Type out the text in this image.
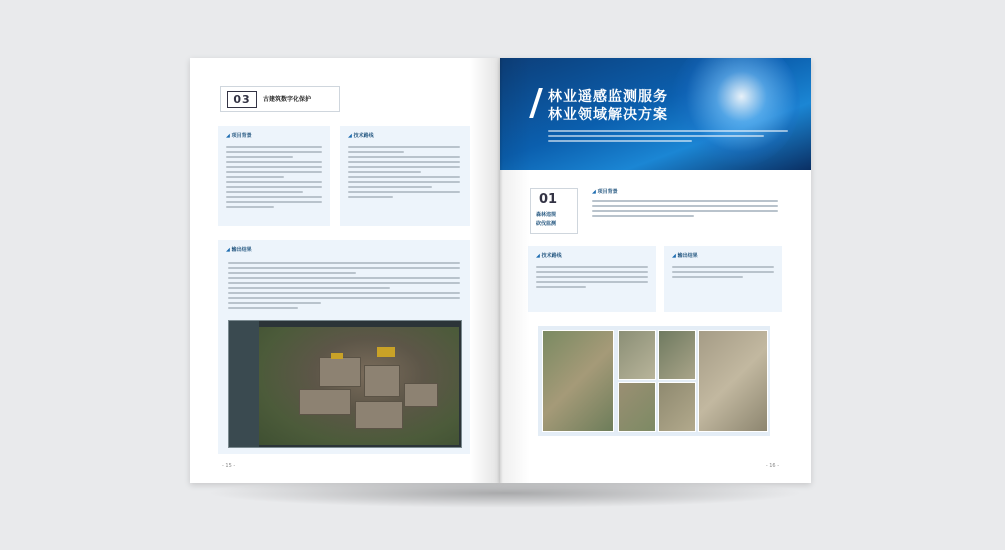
03	古建筑数字化保护
◢ 项目背景	◢ 技术路线
◢ 输出结果
- 15 -
林业遥感监测服务
林业领域解决方案
01
森林违规
砍伐监测
◢ 项目背景
◢ 技术路线	◢ 输出结果
- 16 -
